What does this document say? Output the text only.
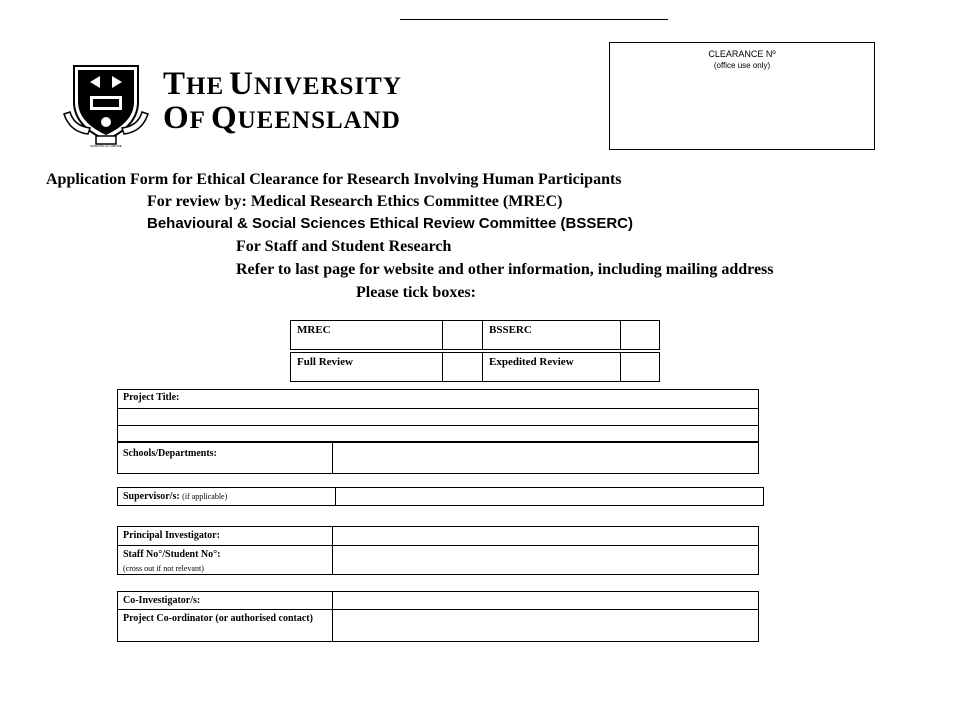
CLEARANCE Nº
(office use only)
SCIENTIA AC LABORE
THE UNIVERSITY
OF QUEENSLAND
Application Form for Ethical Clearance for Research Involving Human Participants
For review by: Medical Research Ethics Committee (MREC)
Behavioural & Social Sciences Ethical Review Committee (BSSERC)
For Staff and Student Research
Refer to last page for website and other information, including mailing address
Please tick boxes:
MREC	BSSERC
Full Review	Expedited Review
Project Title:
Schools/Departments:
Supervisor/s: (if applicable)
Principal Investigator:
Staff No°/Student No°:
(cross out if not relevant)
Co-Investigator/s:
Project Co-ordinator (or authorised contact)
